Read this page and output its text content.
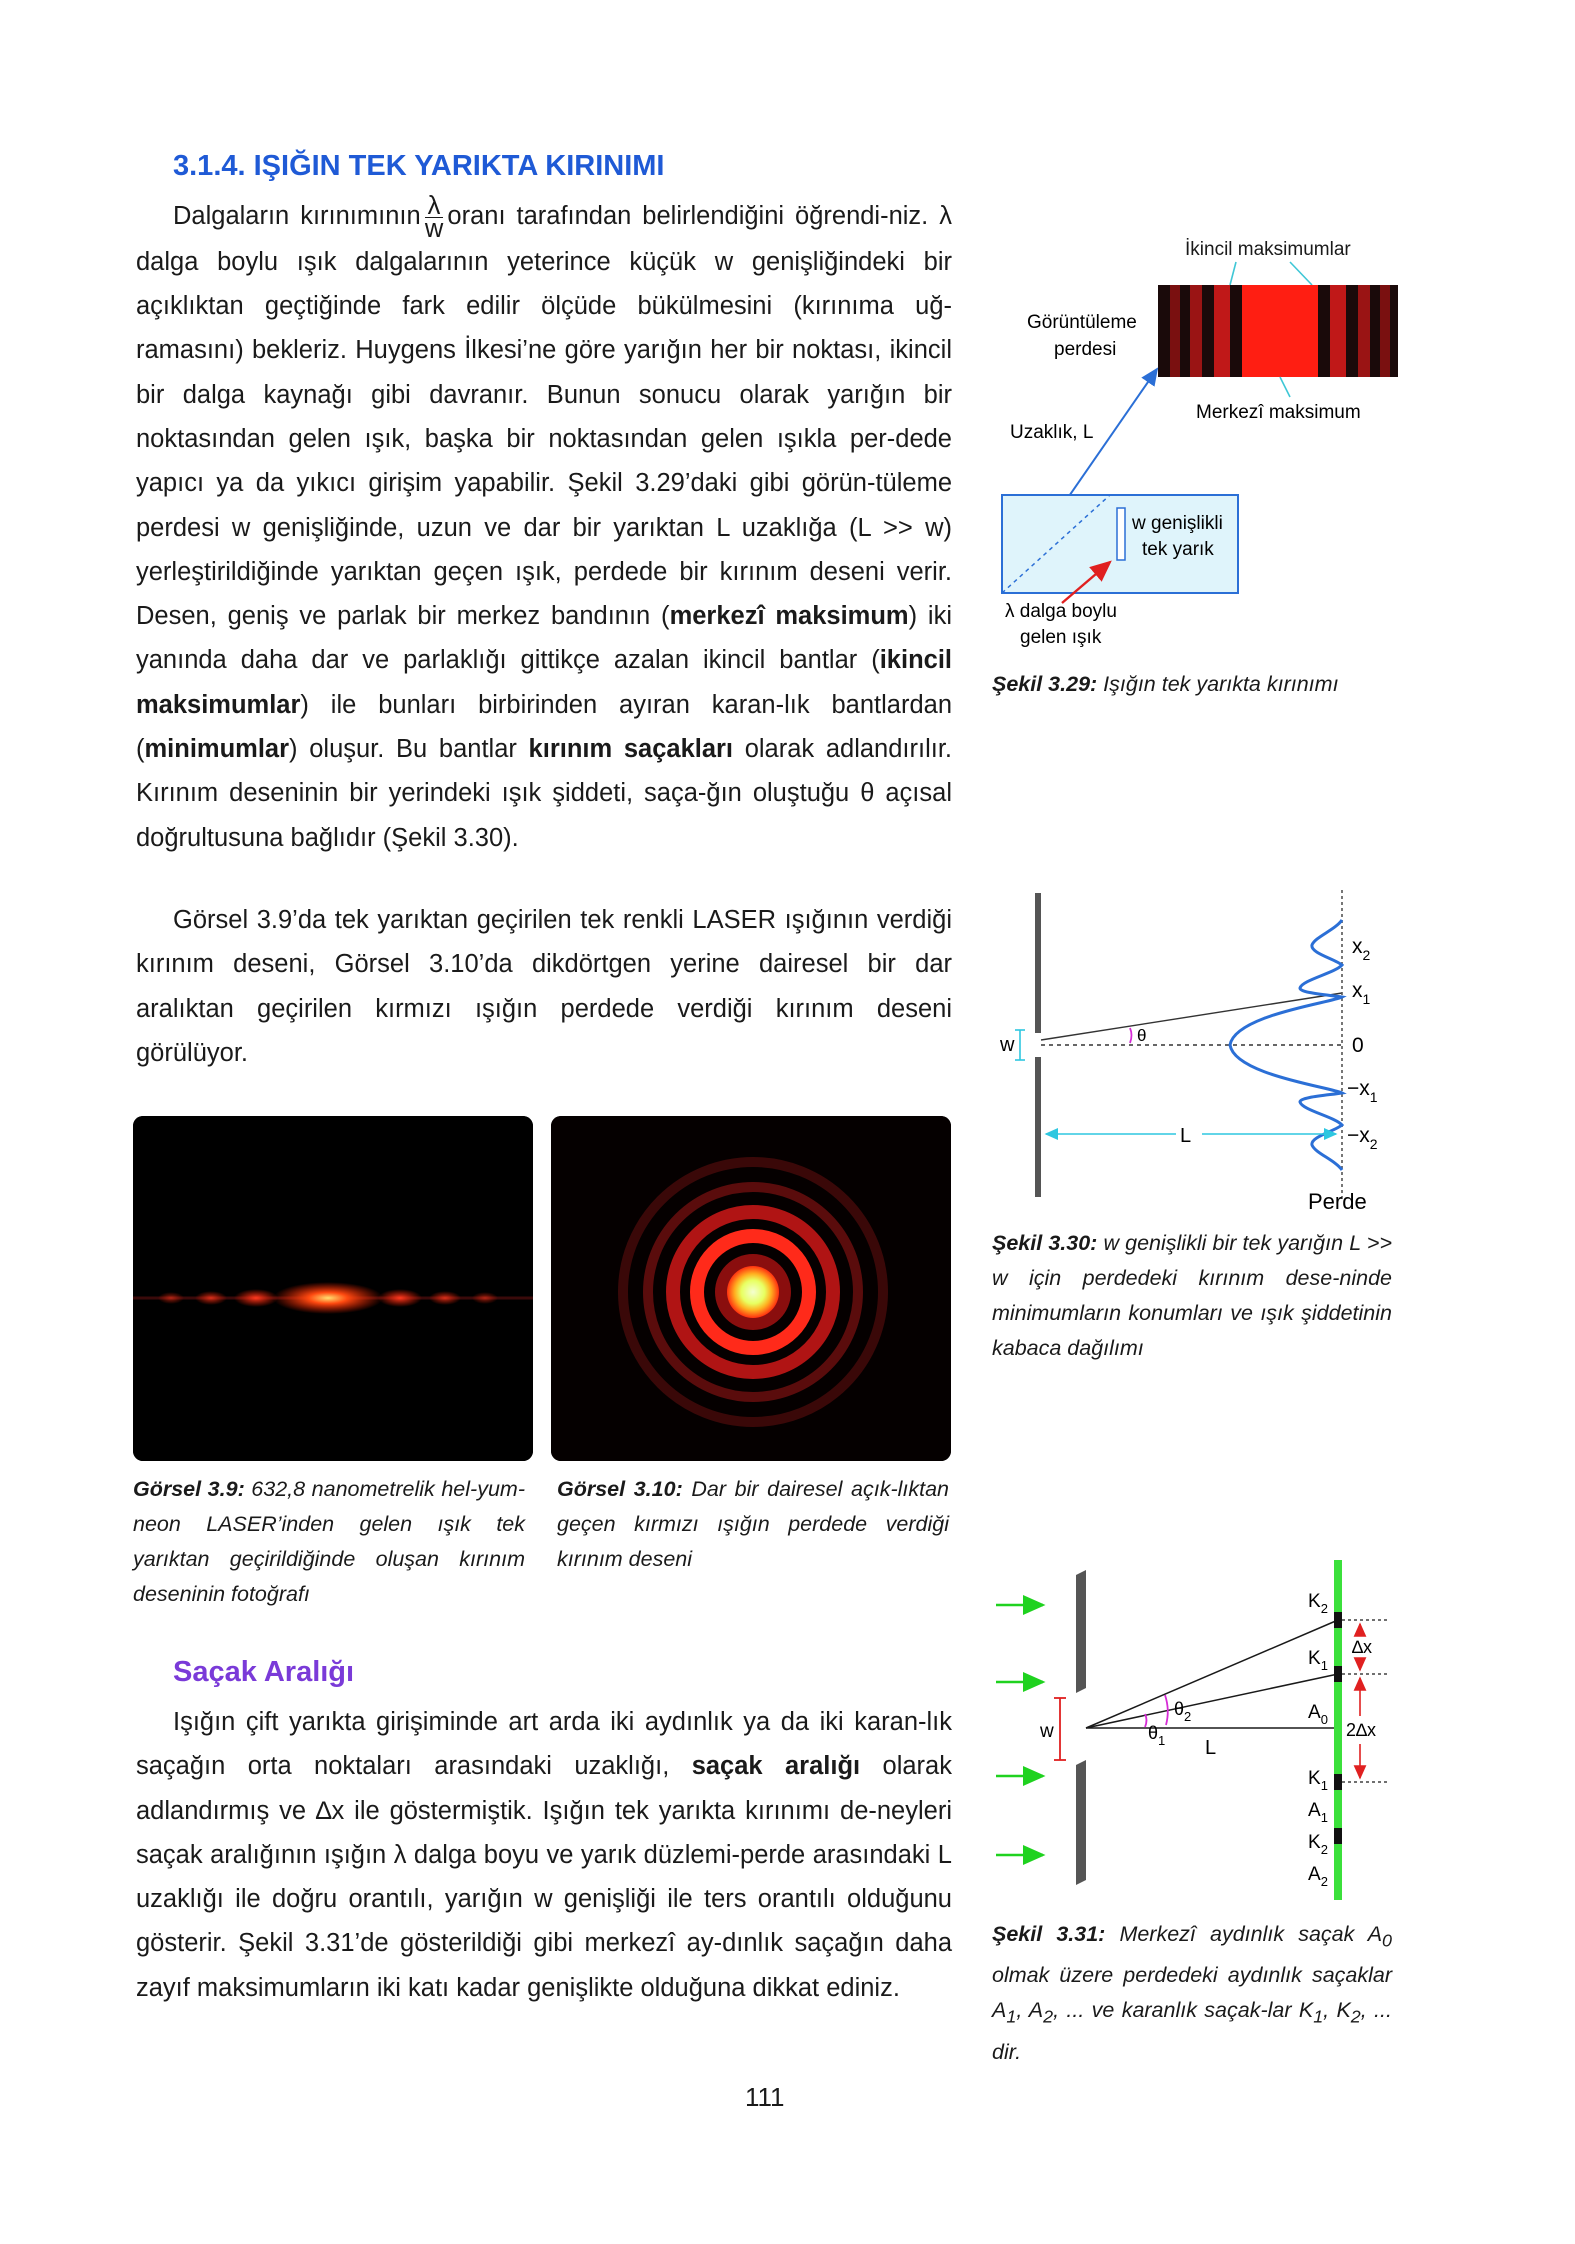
3.1.4. IŞIĞIN TEK YARIKTA KIRINIMI
Dalgaların kırınımının $\frac{\lambda}{w}$ oranı tarafından belirlendiğini öğrendi-niz. λ dalga boylu ışık dalgalarının yeterince küçük w genişliğindeki bir açıklıktan geçtiğinde fark edilir ölçüde bükülmesini (kırınıma uğ-ramasını) bekleriz. Huygens İlkesi’ne göre yarığın her bir noktası, ikincil bir dalga kaynağı gibi davranır. Bunun sonucu olarak yarığın bir noktasından gelen ışık, başka bir noktasından gelen ışıkla per-dede yapıcı ya da yıkıcı girişim yapabilir. Şekil 3.29’daki gibi görün-tüleme perdesi w genişliğinde, uzun ve dar bir yarıktan L uzaklığa (L >> w) yerleştirildiğinde yarıktan geçen ışık, perdede bir kırınım deseni verir. Desen, geniş ve parlak bir merkez bandının (merkezî maksimum) iki yanında daha dar ve parlaklığı gittikçe azalan ikincil bantlar (ikincil maksimumlar) ile bunları birbirinden ayıran karan-lık bantlardan (minimumlar) oluşur. Bu bantlar kırınım saçakları olarak adlandırılır. Kırınım deseninin bir yerindeki ışık şiddeti, saça-ğın oluştuğu θ açısal doğrultusuna bağlıdır (Şekil 3.30).
Görsel 3.9’da tek yarıktan geçirilen tek renkli LASER ışığının verdiği kırınım deseni, Görsel 3.10’da dikdörtgen yerine dairesel bir dar aralıktan geçirilen kırmızı ışığın perdede verdiği kırınım deseni görülüyor.
İkincil maksimumlar
Görüntüleme
perdesi
Merkezî maksimum
Uzaklık, L
w genişlikli
tek yarık
λ dalga boylu
gelen ışık
Şekil 3.29: Işığın tek yarıkta kırınımı
w	θ
$x_2$
$x_1$
0
$-x_1$
$-x_2$
L
Perde
Şekil 3.30: w genişlikli bir tek yarığın L >> w için perdedeki kırınım dese-ninde minimumların konumları ve ışık şiddetinin kabaca dağılımı
Görsel 3.9: 632,8 nanometrelik hel-yum-neon LASER’inden gelen ışık tek yarıktan geçirildiğinde oluşan kırınım deseninin fotoğrafı
Görsel 3.10: Dar bir dairesel açık-lıktan geçen kırmızı ışığın perdede verdiği kırınım deseni
Saçak Aralığı
Işığın çift yarıkta girişiminde art arda iki aydınlık ya da iki karan-lık saçağın orta noktaları arasındaki uzaklığı, saçak aralığı olarak adlandırmış ve ∆x ile göstermiştik. Işığın tek yarıkta kırınımı de-neyleri saçak aralığının ışığın λ dalga boyu ve yarık düzlemi-perde arasındaki L uzaklığı ile doğru orantılı, yarığın w genişliği ile ters orantılı olduğunu gösterir. Şekil 3.31’de gösterildiği gibi merkezî ay-dınlık saçağın daha zayıf maksimumların iki katı kadar genişlikte olduğuna dikkat ediniz.
w
$\theta_2$
$\theta_1$ L
∆x
2∆x
$K_2$
$K_1$
$A_0$
$K_1$
$A_1$
$K_2$
$A_2$
Şekil 3.31: Merkezî aydınlık saçak $A_0$ olmak üzere perdedeki aydınlık saçaklar $A_1$, $A_2$, ... ve karanlık saçak-lar $K_1$, $K_2$, ... dir.
111
